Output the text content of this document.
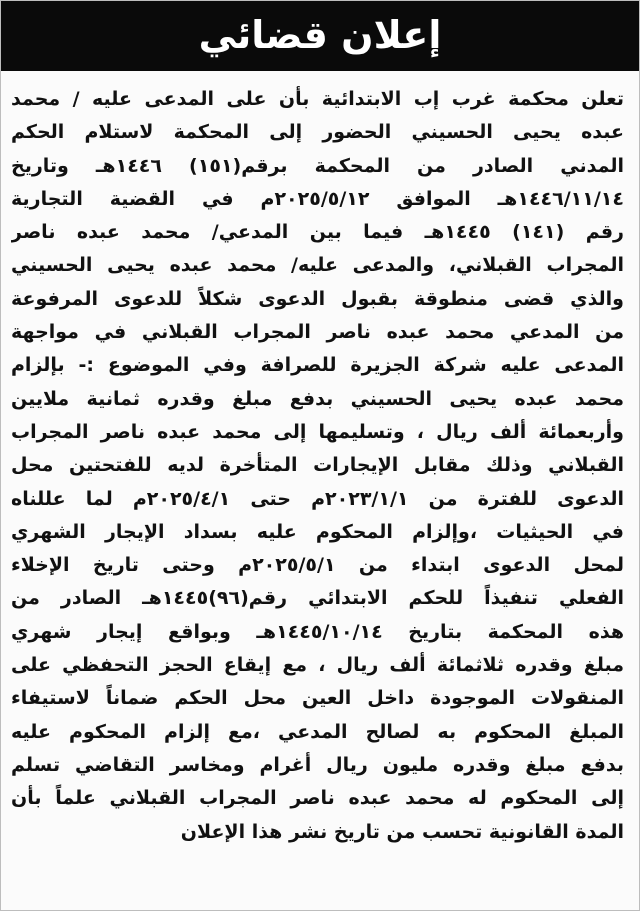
إعلان قضائي
تعلن محكمة غرب إب الابتدائية بأن على المدعى عليه / محمد
عبده يحيى الحسيني الحضور إلى المحكمة لاستلام الحكم
المدني الصادر من المحكمة برقم(١٥١) ١٤٤٦هـ وتاريخ
١٤٤٦/١١/١٤هـ الموافق ٢٠٢٥/٥/١٢م في القضية التجارية
رقم (١٤١) ١٤٤٥هـ فيما بين المدعي/ محمد عبده ناصر
المجراب القبلاني، والمدعى عليه/ محمد عبده يحيى الحسيني
والذي قضى منطوقة بقبول الدعوى شكلاً للدعوى المرفوعة
من المدعي محمد عبده ناصر المجراب القبلاني في مواجهة
المدعى عليه شركة الجزيرة للصرافة وفي الموضوع :- بإلزام
محمد عبده يحيى الحسيني بدفع مبلغ وقدره ثمانية ملايين
وأربعمائة ألف ريال ، وتسليمها إلى محمد عبده ناصر المجراب
القبلاني وذلك مقابل الإيجارات المتأخرة لديه للفتحتين محل
الدعوى للفترة من ٢٠٢٣/١/١م حتى ٢٠٢٥/٤/١م لما عللناه
في الحيثيات ،وإلزام المحكوم عليه بسداد الإيجار الشهري
لمحل الدعوى ابتداء من ٢٠٢٥/٥/١م وحتى تاريخ الإخلاء
الفعلي تنفيذاً للحكم الابتدائي رقم(٩٦)١٤٤٥هـ الصادر من
هذه المحكمة بتاريخ ١٤٤٥/١٠/١٤هـ وبواقع إيجار شهري
مبلغ وقدره ثلاثمائة ألف ريال ، مع إيقاع الحجز التحفظي على
المنقولات الموجودة داخل العين محل الحكم ضماناً لاستيفاء
المبلغ المحكوم به لصالح المدعي ،مع إلزام المحكوم عليه
بدفع مبلغ وقدره مليون ريال أغرام ومخاسر التقاضي تسلم
إلى المحكوم له محمد عبده ناصر المجراب القبلاني علماً بأن
المدة القانونية تحسب من تاريخ نشر هذا الإعلان
